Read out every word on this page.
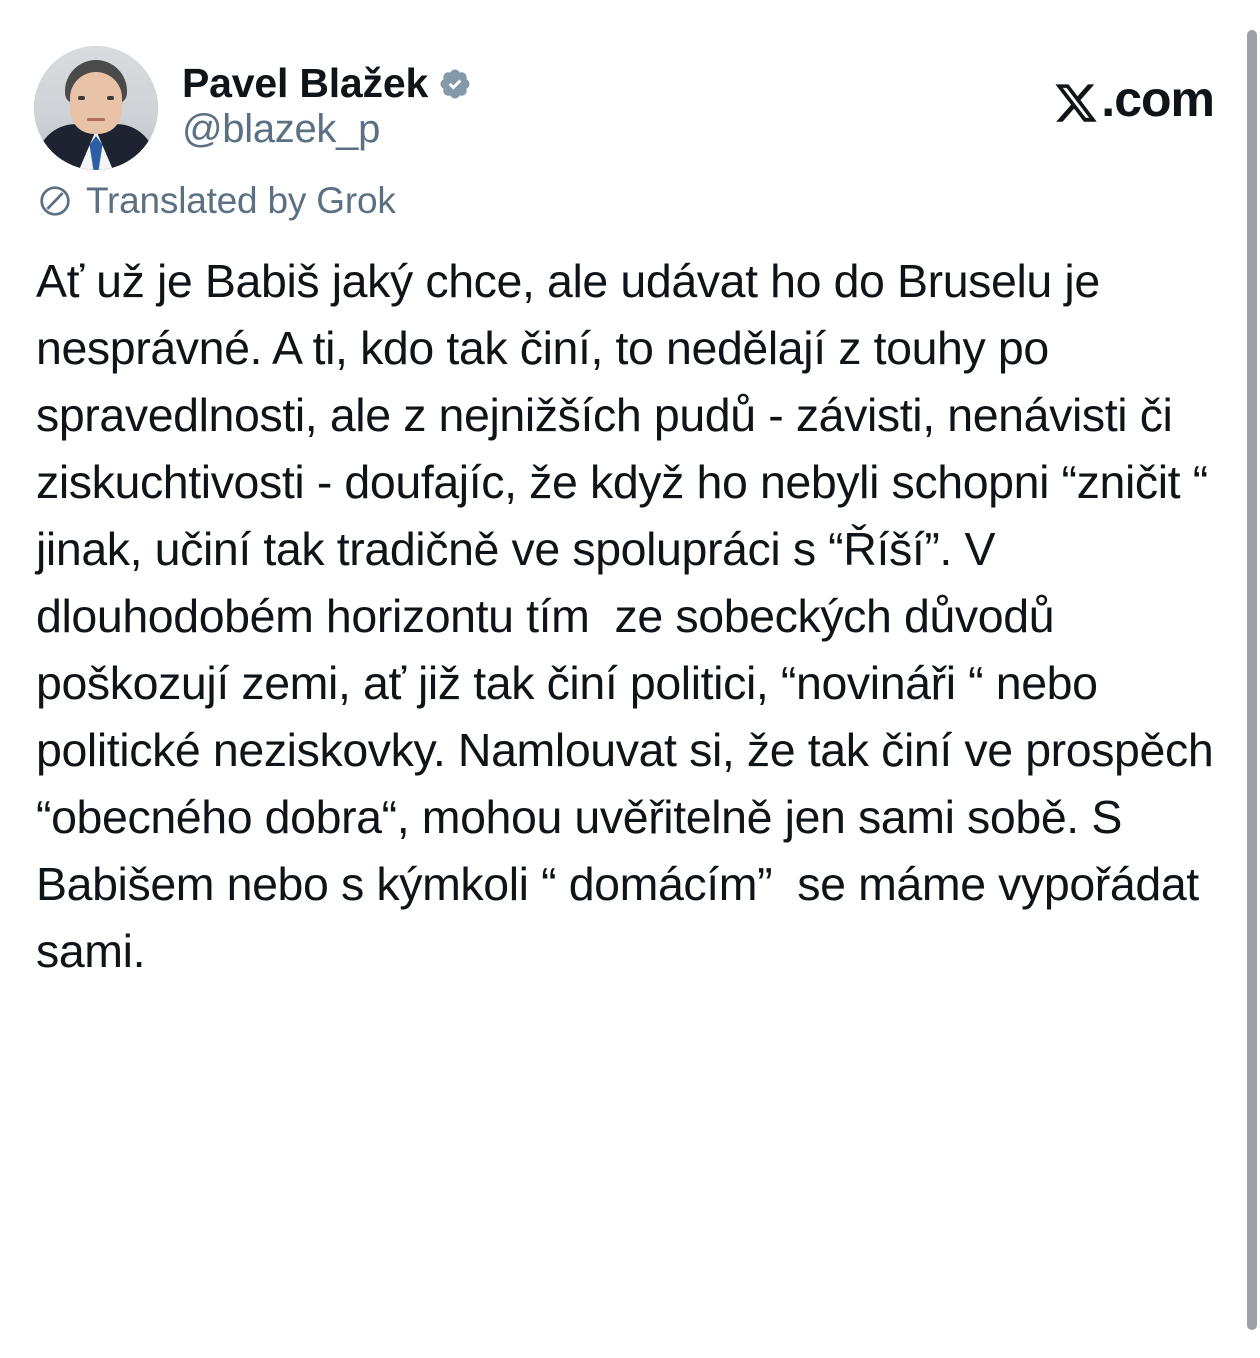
Pavel Blažek
@blazek_p
.com
Translated by Grok
Ať už je Babiš jaký chce, ale udávat ho do Bruselu je nesprávné. A ti, kdo tak činí, to nedělají z touhy po spravedlnosti, ale z nejnižších pudů - závisti, nenávisti či ziskuchtivosti - doufajíc, že když ho nebyli schopni “zničit “ jinak, učiní tak tradičně ve spolupráci s “Říší”. V dlouhodobém horizontu tím  ze sobeckých důvodů poškozují zemi, ať již tak činí politici, “novináři “ nebo politické neziskovky. Namlouvat si, že tak činí ve prospěch “obecného dobra“, mohou uvěřitelně jen sami sobě. S Babišem nebo s kýmkoli “ domácím”  se máme vypořádat sami.
